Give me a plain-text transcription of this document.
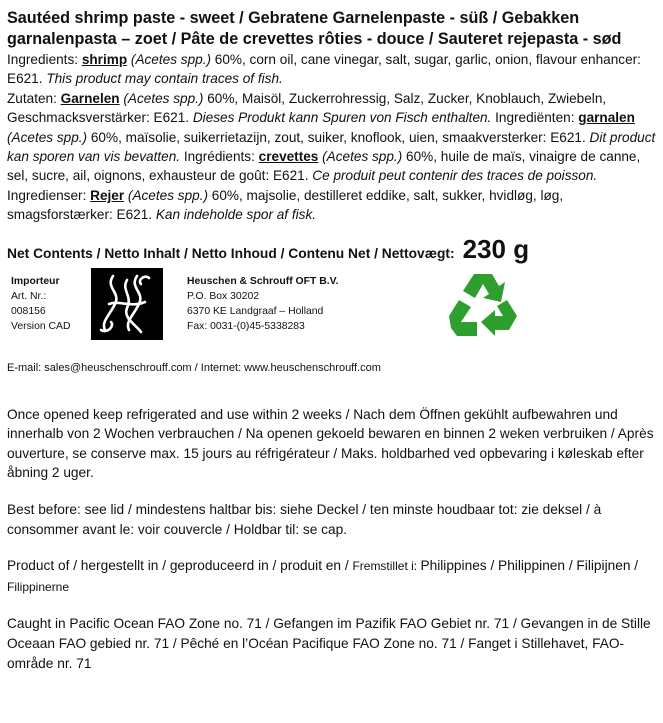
Sautéed shrimp paste - sweet / Gebratene Garnelenpaste - süß / Gebakken garnalenpasta – zoet / Pâte de crevettes rôties - douce / Sauteret rejepasta - sød

Ingredients: shrimp (Acetes spp.) 60%, corn oil, cane vinegar, salt, sugar, garlic, onion, flavour enhancer: E621. This product may contain traces of fish.
Zutaten: Garnelen (Acetes spp.) 60%, Maisöl, Zuckerrohressig, Salz, Zucker, Knoblauch, Zwiebeln, Geschmacksverstärker: E621. Dieses Produkt kann Spuren von Fisch enthalten. Ingrediënten: garnalen (Acetes spp.) 60%, maïsolie, suikerrietazijn, zout, suiker, knoflook, uien, smaakversterker: E621. Dit product kan sporen van vis bevatten. Ingrédients: crevettes (Acetes spp.) 60%, huile de maïs, vinaigre de canne, sel, sucre, ail, oignons, exhausteur de goût: E621. Ce produit peut contenir des traces de poisson.
Ingredienser: Rejer (Acetes spp.) 60%, majsolie, destilleret eddike, salt, sukker, hvidløg, løg, smagsforstærker: E621. Kan indeholde spor af fisk.

Net Contents / Netto Inhalt / Netto Inhoud / Contenu Net / Nettovægt: 230 g
Importeur
Art. Nr.:
008156
Version CAD
Heuschen & Schrouff OFT B.V.
P.O. Box 30202
6370 KE Landgraaf – Holland
Fax: 0031-(0)45-5338283
E-mail: sales@heuschenschrouff.com / Internet: www.heuschenschrouff.com

Once opened keep refrigerated and use within 2 weeks / Nach dem Öffnen gekühlt aufbewahren und innerhalb von 2 Wochen verbrauchen / Na openen gekoeld bewaren en binnen 2 weken verbruiken / Après ouverture, se conserve max. 15 jours au réfrigérateur / Maks. holdbarhed ved opbevaring i køleskab efter åbning 2 uger.

Best before: see lid / mindestens haltbar bis: siehe Deckel / ten minste houdbaar tot: zie deksel / à consommer avant le: voir couvercle / Holdbar til: se cap.

Product of / hergestellt in / geproduceerd in / produit en / Fremstillet i: Philippines / Philippinen / Filipijnen / Filippinerne

Caught in Pacific Ocean FAO Zone no. 71 / Gefangen im Pazifik FAO Gebiet nr. 71 / Gevangen in de Stille Oceaan FAO gebied nr. 71 / Pêché en l’Océan Pacifique FAO Zone no. 71 / Fanget i Stillehavet, FAO-område nr. 71
